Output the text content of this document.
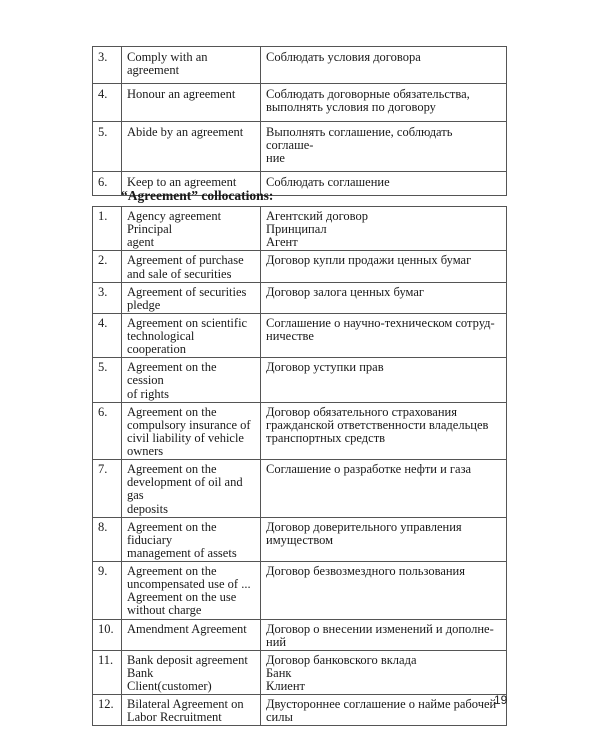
3.	Comply with an
agreement	Соблюдать условия договора
4.	Honour an agreement	Соблюдать договорные обязательства,
выполнять условия по договору
5.	Abide by an agreement	Выполнять соглашение, соблюдать соглаше-
ние
6.	Keep to an agreement	Соблюдать соглашение
“Agreement” collocations:
1.	Agency agreement
Principal
agent	Агентский договор
Принципал
Агент
2.	Agreement of purchase
and sale of securities	Договор купли продажи ценных бумаг
3.	Agreement of securities
pledge	Договор залога ценных бумаг
4.	Agreement on scientific
technological cooperation	Соглашение о научно-техническом сотруд-
ничестве
5.	Agreement on the cession
of rights	Договор уступки прав
6.	Agreement on the
compulsory insurance of
civil liability of vehicle
owners	Договор обязательного страхования
гражданской ответственности владельцев
транспортных средств
7.	Agreement on the
development of oil and gas
deposits	Соглашение о разработке нефти и газа
8.	Agreement on the fiduciary
management of assets	Договор доверительного управления
имуществом
9.	Agreement on the
uncompensated use of ...
Agreement on the use
without charge	Договор безвозмездного пользования
10.	Amendment Agreement	Договор о внесении изменений и дополне-
ний
11.	Bank deposit agreement
Bank
Client(customer)	Договор банковского вклада
Банк
Клиент
12.	Bilateral Agreement on
Labor Recruitment	Двустороннее соглашение о найме рабочей
силы
19
